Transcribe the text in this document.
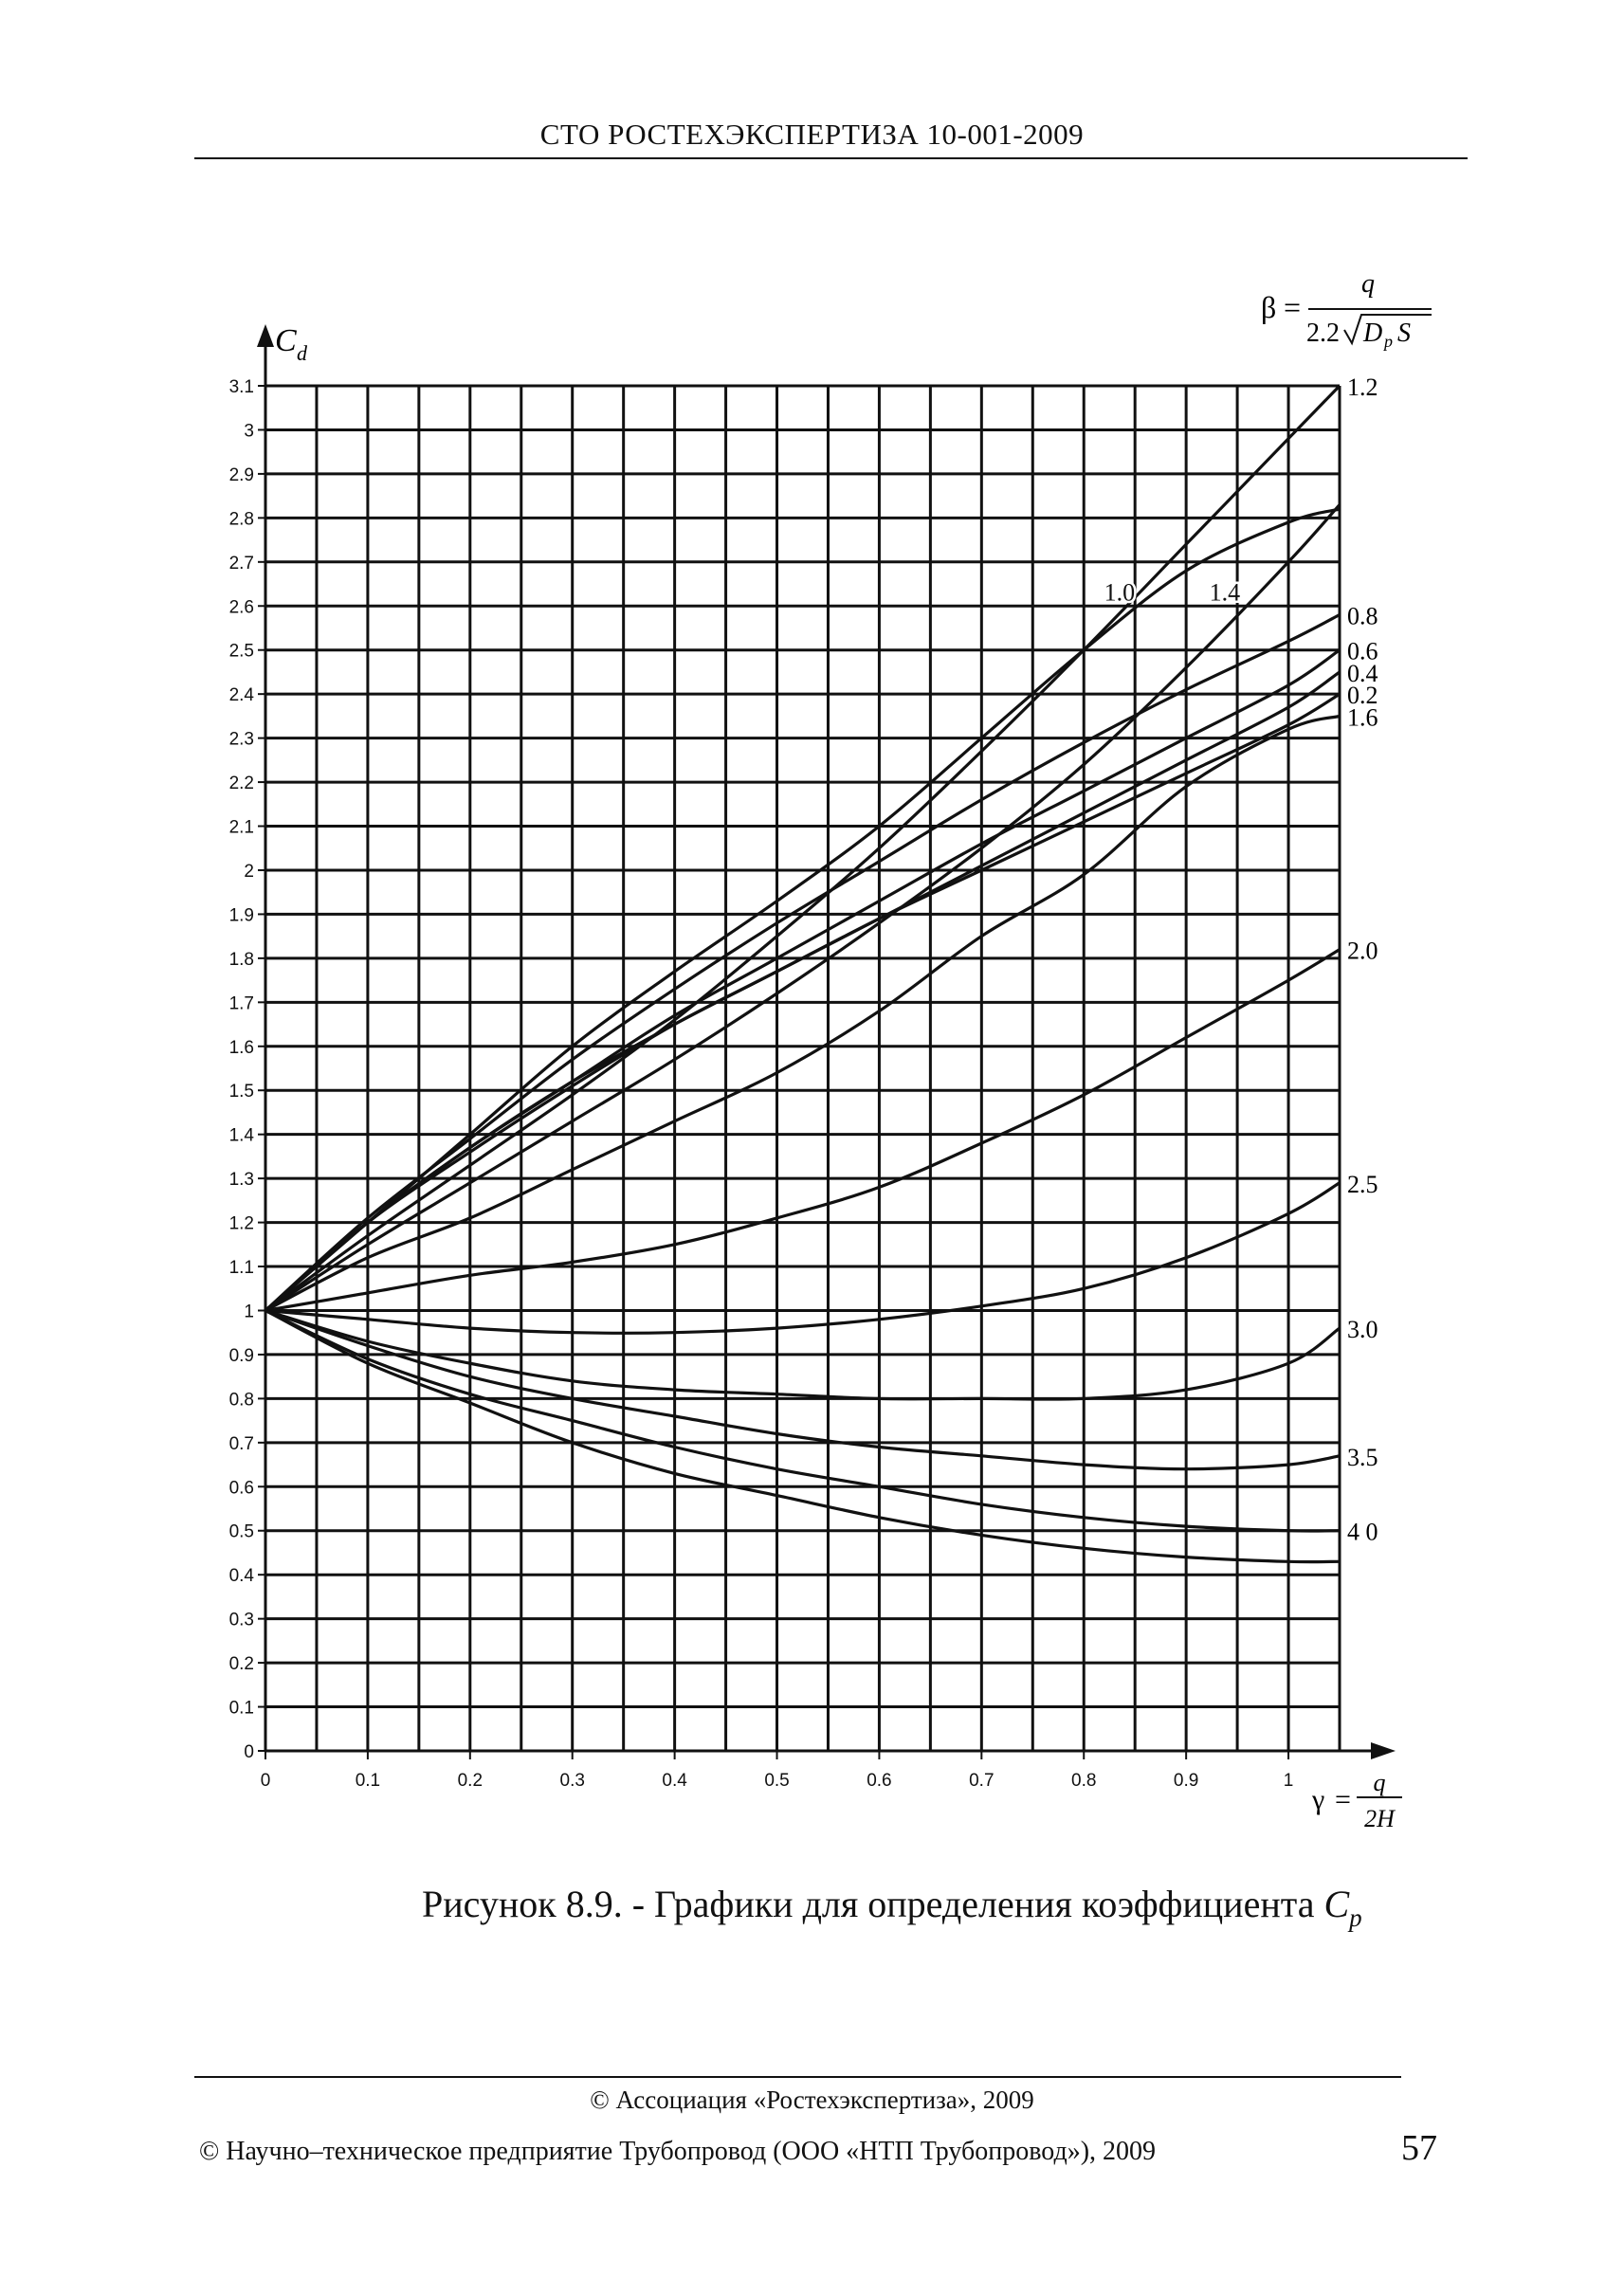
СТО РОСТЕХЭКСПЕРТИЗА 10-001-2009
0
0.1
0.2
0.3
0.4
0.5
0.6
0.7
0.8
0.9
1
1.1
1.2
1.3
1.4
1.5
1.6
1.7
1.8
1.9
2
2.1
2.2
2.3
2.4
2.5
2.6
2.7
2.8
2.9
3
3.1
0	0.1	0.2	0.3	0.4	0.5	0.6	0.7	0.8	0.9	1
0.2
0.4
0.6
0.8
1.0
1.2
1.4
1.6
2.0
2.5
3.0
3.5
4 0
C d
γ =
q
2H
β =
q
2.2 D p S
Рисунок 8.9. - Графики для определения коэффициента $C_p$
© Ассоциация «Ростехэкспертиза», 2009
© Научно–техническое предприятие Трубопровод (ООО «НТП Трубопровод»), 2009	57
